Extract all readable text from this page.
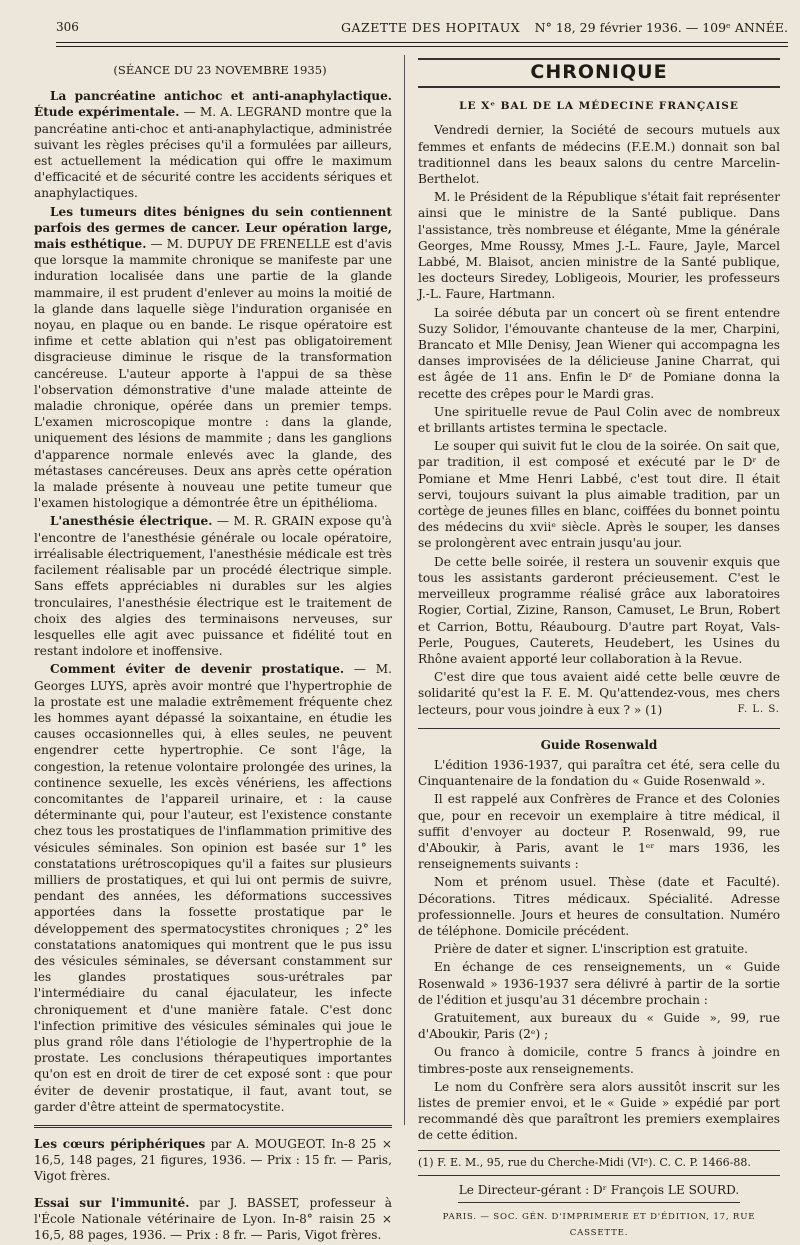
306	GAZETTE DES HOPITAUX N° 18, 29 février 1936. — 109ᵉ ANNÉE.

(SÉANCE DU 23 NOVEMBRE 1935)

La pancréatine antichoc et anti-anaphylactique. Étude expérimentale. — M. A. LEGRAND montre que la pancréatine anti-choc et anti-anaphylactique, administrée suivant les règles précises qu'il a formulées par ailleurs, est actuellement la médication qui offre le maximum d'efficacité et de sécurité contre les accidents sériques et anaphylactiques.

Les tumeurs dites bénignes du sein contiennent parfois des germes de cancer. Leur opération large, mais esthétique. — M. DUPUY DE FRENELLE est d'avis que lorsque la mammite chronique se manifeste par une induration localisée dans une partie de la glande mammaire, il est prudent d'enlever au moins la moitié de la glande dans laquelle siège l'induration organisée en noyau, en plaque ou en bande. Le risque opératoire est infime et cette ablation qui n'est pas obligatoirement disgracieuse diminue le risque de la transformation cancéreuse. L'auteur apporte à l'appui de sa thèse l'observation démonstrative d'une malade atteinte de maladie chronique, opérée dans un premier temps. L'examen microscopique montre : dans la glande, uniquement des lésions de mammite ; dans les ganglions d'apparence normale enlevés avec la glande, des métastases cancéreuses. Deux ans après cette opération la malade présente à nouveau une petite tumeur que l'examen histologique a démontrée être un épithélioma.

L'anesthésie électrique. — M. R. GRAIN expose qu'à l'encontre de l'anesthésie générale ou locale opératoire, irréalisable électriquement, l'anesthésie médicale est très facilement réalisable par un procédé électrique simple. Sans effets appréciables ni durables sur les algies tronculaires, l'anesthésie électrique est le traitement de choix des algies des terminaisons nerveuses, sur lesquelles elle agit avec puissance et fidélité tout en restant indolore et inoffensive.

Comment éviter de devenir prostatique. — M. Georges LUYS, après avoir montré que l'hypertrophie de la prostate est une maladie extrêmement fréquente chez les hommes ayant dépassé la soixantaine, en étudie les causes occasionnelles qui, à elles seules, ne peuvent engendrer cette hypertrophie. Ce sont l'âge, la congestion, la retenue volontaire prolongée des urines, la continence sexuelle, les excès vénériens, les affections concomitantes de l'appareil urinaire, et : la cause déterminante qui, pour l'auteur, est l'existence constante chez tous les prostatiques de l'inflammation primitive des vésicules séminales. Son opinion est basée sur 1° les constatations urétroscopiques qu'il a faites sur plusieurs milliers de prostatiques, et qui lui ont permis de suivre, pendant des années, les déformations successives apportées dans la fossette prostatique par le développement des spermatocystites chroniques ; 2° les constatations anatomiques qui montrent que le pus issu des vésicules séminales, se déversant constamment sur les glandes prostatiques sous-urétrales par l'intermédiaire du canal éjaculateur, les infecte chroniquement et d'une manière fatale. C'est donc l'infection primitive des vésicules séminales qui joue le plus grand rôle dans l'étiologie de l'hypertrophie de la prostate. Les conclusions thérapeutiques importantes qu'on est en droit de tirer de cet exposé sont : que pour éviter de devenir prostatique, il faut, avant tout, se garder d'être atteint de spermatocystite.

Les cœurs périphériques par A. MOUGEOT. In-8 25 × 16,5, 148 pages, 21 figures, 1936. — Prix : 15 fr. — Paris, Vigot frères.

Essai sur l'immunité. par J. BASSET, professeur à l'École Nationale vétérinaire de Lyon. In-8° raisin 25 × 16,5, 88 pages, 1936. — Prix : 8 fr. — Paris, Vigot frères.

CHRONIQUE

LE Xᵉ BAL DE LA MÉDECINE FRANÇAISE

Vendredi dernier, la Société de secours mutuels aux femmes et enfants de médecins (F.E.M.) donnait son bal traditionnel dans les beaux salons du centre Marcelin-Berthelot.

M. le Président de la République s'était fait représenter ainsi que le ministre de la Santé publique. Dans l'assistance, très nombreuse et élégante, Mme la générale Georges, Mme Roussy, Mmes J.-L. Faure, Jayle, Marcel Labbé, M. Blaisot, ancien ministre de la Santé publique, les docteurs Siredey, Lobligeois, Mourier, les professeurs J.-L. Faure, Hartmann.

La soirée débuta par un concert où se firent entendre Suzy Solidor, l'émouvante chanteuse de la mer, Charpini, Brancato et Mlle Denisy, Jean Wiener qui accompagna les danses improvisées de la délicieuse Janine Charrat, qui est âgée de 11 ans. Enfin le Dʳ de Pomiane donna la recette des crêpes pour le Mardi gras.

Une spirituelle revue de Paul Colin avec de nombreux et brillants artistes termina le spectacle.

Le souper qui suivit fut le clou de la soirée. On sait que, par tradition, il est composé et exécuté par le Dʳ de Pomiane et Mme Henri Labbé, c'est tout dire. Il était servi, toujours suivant la plus aimable tradition, par un cortège de jeunes filles en blanc, coiffées du bonnet pointu des médecins du xviiᵉ siècle. Après le souper, les danses se prolongèrent avec entrain jusqu'au jour.

De cette belle soirée, il restera un souvenir exquis que tous les assistants garderont précieusement. C'est le merveilleux programme réalisé grâce aux laboratoires Rogier, Cortial, Zizine, Ranson, Camuset, Le Brun, Robert et Carrion, Bottu, Réaubourg. D'autre part Royat, Vals-Perle, Pougues, Cauterets, Heudebert, les Usines du Rhône avaient apporté leur collaboration à la Revue.

C'est dire que tous avaient aidé cette belle œuvre de solidarité qu'est la F. E. M. Qu'attendez-vous, mes chers lecteurs, pour vous joindre à eux ? » (1)	F. L. S.

Guide Rosenwald

L'édition 1936-1937, qui paraîtra cet été, sera celle du Cinquantenaire de la fondation du « Guide Rosenwald ».

Il est rappelé aux Confrères de France et des Colonies que, pour en recevoir un exemplaire à titre médical, il suffit d'envoyer au docteur P. Rosenwald, 99, rue d'Aboukir, à Paris, avant le 1ᵉʳ mars 1936, les renseignements suivants :

Nom et prénom usuel. Thèse (date et Faculté). Décorations. Titres médicaux. Spécialité. Adresse professionnelle. Jours et heures de consultation. Numéro de téléphone. Domicile précédent.

Prière de dater et signer. L'inscription est gratuite.

En échange de ces renseignements, un « Guide Rosenwald » 1936-1937 sera délivré à partir de la sortie de l'édition et jusqu'au 31 décembre prochain :

Gratuitement, aux bureaux du « Guide », 99, rue d'Aboukir, Paris (2ᵉ) ;

Ou franco à domicile, contre 5 francs à joindre en timbres-poste aux renseignements.

Le nom du Confrère sera alors aussitôt inscrit sur les listes de premier envoi, et le « Guide » expédié par port recommandé dès que paraîtront les premiers exemplaires de cette édition.

(1) F. E. M., 95, rue du Cherche-Midi (VIᵉ). C. C. P. 1466-88.

Le Directeur-gérant : Dʳ François LE SOURD.

PARIS. — SOC. GÉN. D'IMPRIMERIE ET D'ÉDITION, 17, RUE CASSETTE.
